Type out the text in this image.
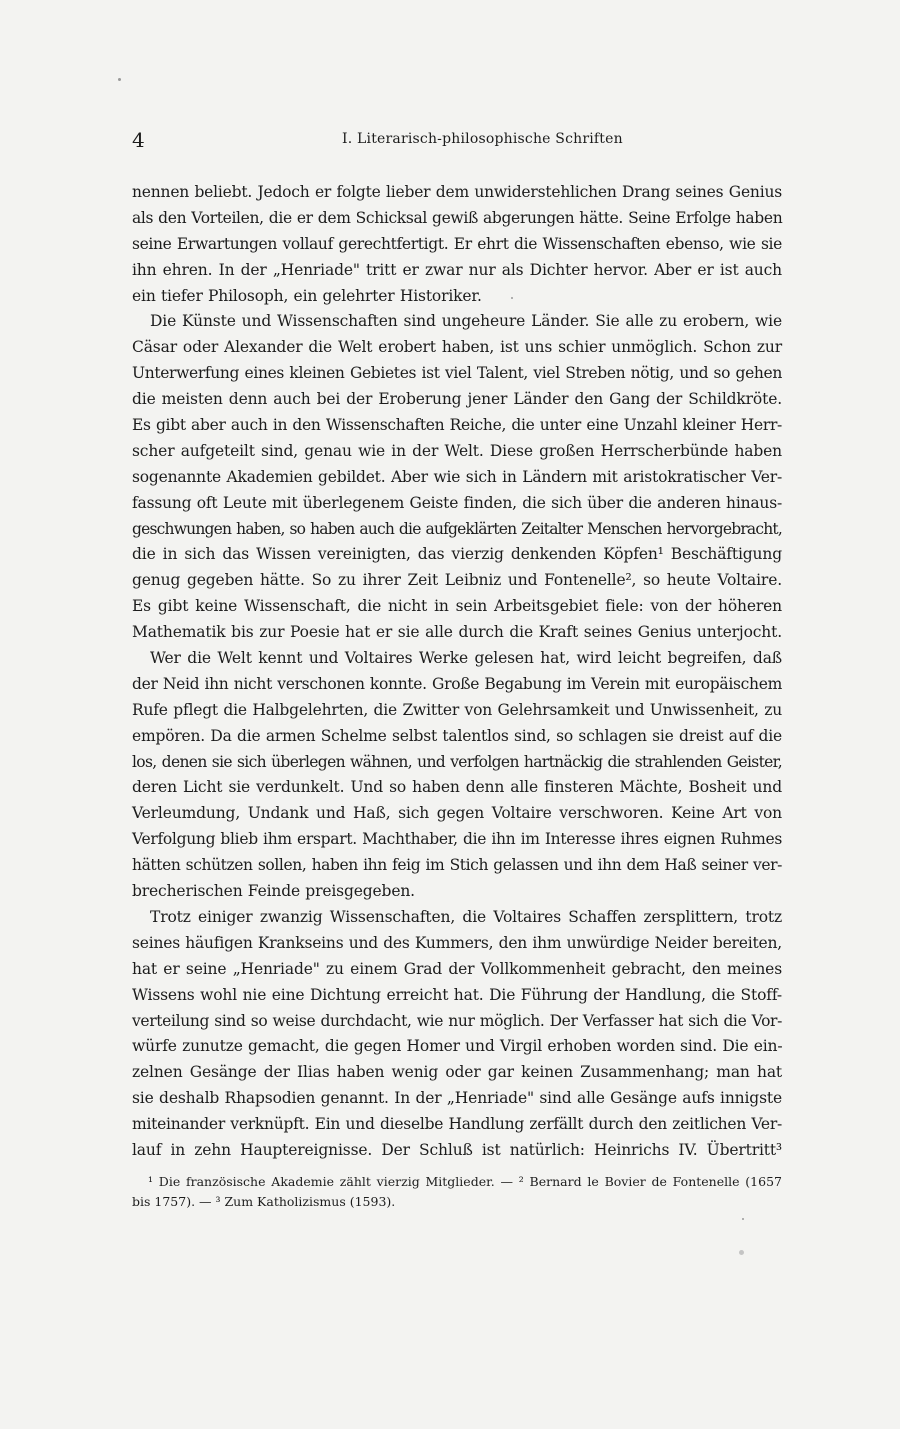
4	I. Literarisch-philosophische Schriften
nennen beliebt. Jedoch er folgte lieber dem unwiderstehlichen Drang seines Genius
als den Vorteilen, die er dem Schicksal gewiß abgerungen hätte. Seine Erfolge haben
seine Erwartungen vollauf gerechtfertigt. Er ehrt die Wissenschaften ebenso, wie sie
ihn ehren. In der „Henriade" tritt er zwar nur als Dichter hervor. Aber er ist auch
ein tiefer Philosoph, ein gelehrter Historiker.
Die Künste und Wissenschaften sind ungeheure Länder. Sie alle zu erobern, wie
Cäsar oder Alexander die Welt erobert haben, ist uns schier unmöglich. Schon zur
Unterwerfung eines kleinen Gebietes ist viel Talent, viel Streben nötig, und so gehen
die meisten denn auch bei der Eroberung jener Länder den Gang der Schildkröte.
Es gibt aber auch in den Wissenschaften Reiche, die unter eine Unzahl kleiner Herr-
scher aufgeteilt sind, genau wie in der Welt. Diese großen Herrscherbünde haben
sogenannte Akademien gebildet. Aber wie sich in Ländern mit aristokratischer Ver-
fassung oft Leute mit überlegenem Geiste finden, die sich über die anderen hinaus-
geschwungen haben, so haben auch die aufgeklärten Zeitalter Menschen hervorgebracht,
die in sich das Wissen vereinigten, das vierzig denkenden Köpfen¹ Beschäftigung
genug gegeben hätte. So zu ihrer Zeit Leibniz und Fontenelle², so heute Voltaire.
Es gibt keine Wissenschaft, die nicht in sein Arbeitsgebiet fiele: von der höheren
Mathematik bis zur Poesie hat er sie alle durch die Kraft seines Genius unterjocht.
Wer die Welt kennt und Voltaires Werke gelesen hat, wird leicht begreifen, daß
der Neid ihn nicht verschonen konnte. Große Begabung im Verein mit europäischem
Rufe pflegt die Halbgelehrten, die Zwitter von Gelehrsamkeit und Unwissenheit, zu
empören. Da die armen Schelme selbst talentlos sind, so schlagen sie dreist auf die
los, denen sie sich überlegen wähnen, und verfolgen hartnäckig die strahlenden Geister,
deren Licht sie verdunkelt. Und so haben denn alle finsteren Mächte, Bosheit und
Verleumdung, Undank und Haß, sich gegen Voltaire verschworen. Keine Art von
Verfolgung blieb ihm erspart. Machthaber, die ihn im Interesse ihres eignen Ruhmes
hätten schützen sollen, haben ihn feig im Stich gelassen und ihn dem Haß seiner ver-
brecherischen Feinde preisgegeben.
Trotz einiger zwanzig Wissenschaften, die Voltaires Schaffen zersplittern, trotz
seines häufigen Krankseins und des Kummers, den ihm unwürdige Neider bereiten,
hat er seine „Henriade" zu einem Grad der Vollkommenheit gebracht, den meines
Wissens wohl nie eine Dichtung erreicht hat. Die Führung der Handlung, die Stoff-
verteilung sind so weise durchdacht, wie nur möglich. Der Verfasser hat sich die Vor-
würfe zunutze gemacht, die gegen Homer und Virgil erhoben worden sind. Die ein-
zelnen Gesänge der Ilias haben wenig oder gar keinen Zusammenhang; man hat
sie deshalb Rhapsodien genannt. In der „Henriade" sind alle Gesänge aufs innigste
miteinander verknüpft. Ein und dieselbe Handlung zerfällt durch den zeitlichen Ver-
lauf in zehn Hauptereignisse. Der Schluß ist natürlich: Heinrichs IV. Übertritt³
¹ Die französische Akademie zählt vierzig Mitglieder. — ² Bernard le Bovier de Fontenelle (1657
bis 1757). — ³ Zum Katholizismus (1593).
